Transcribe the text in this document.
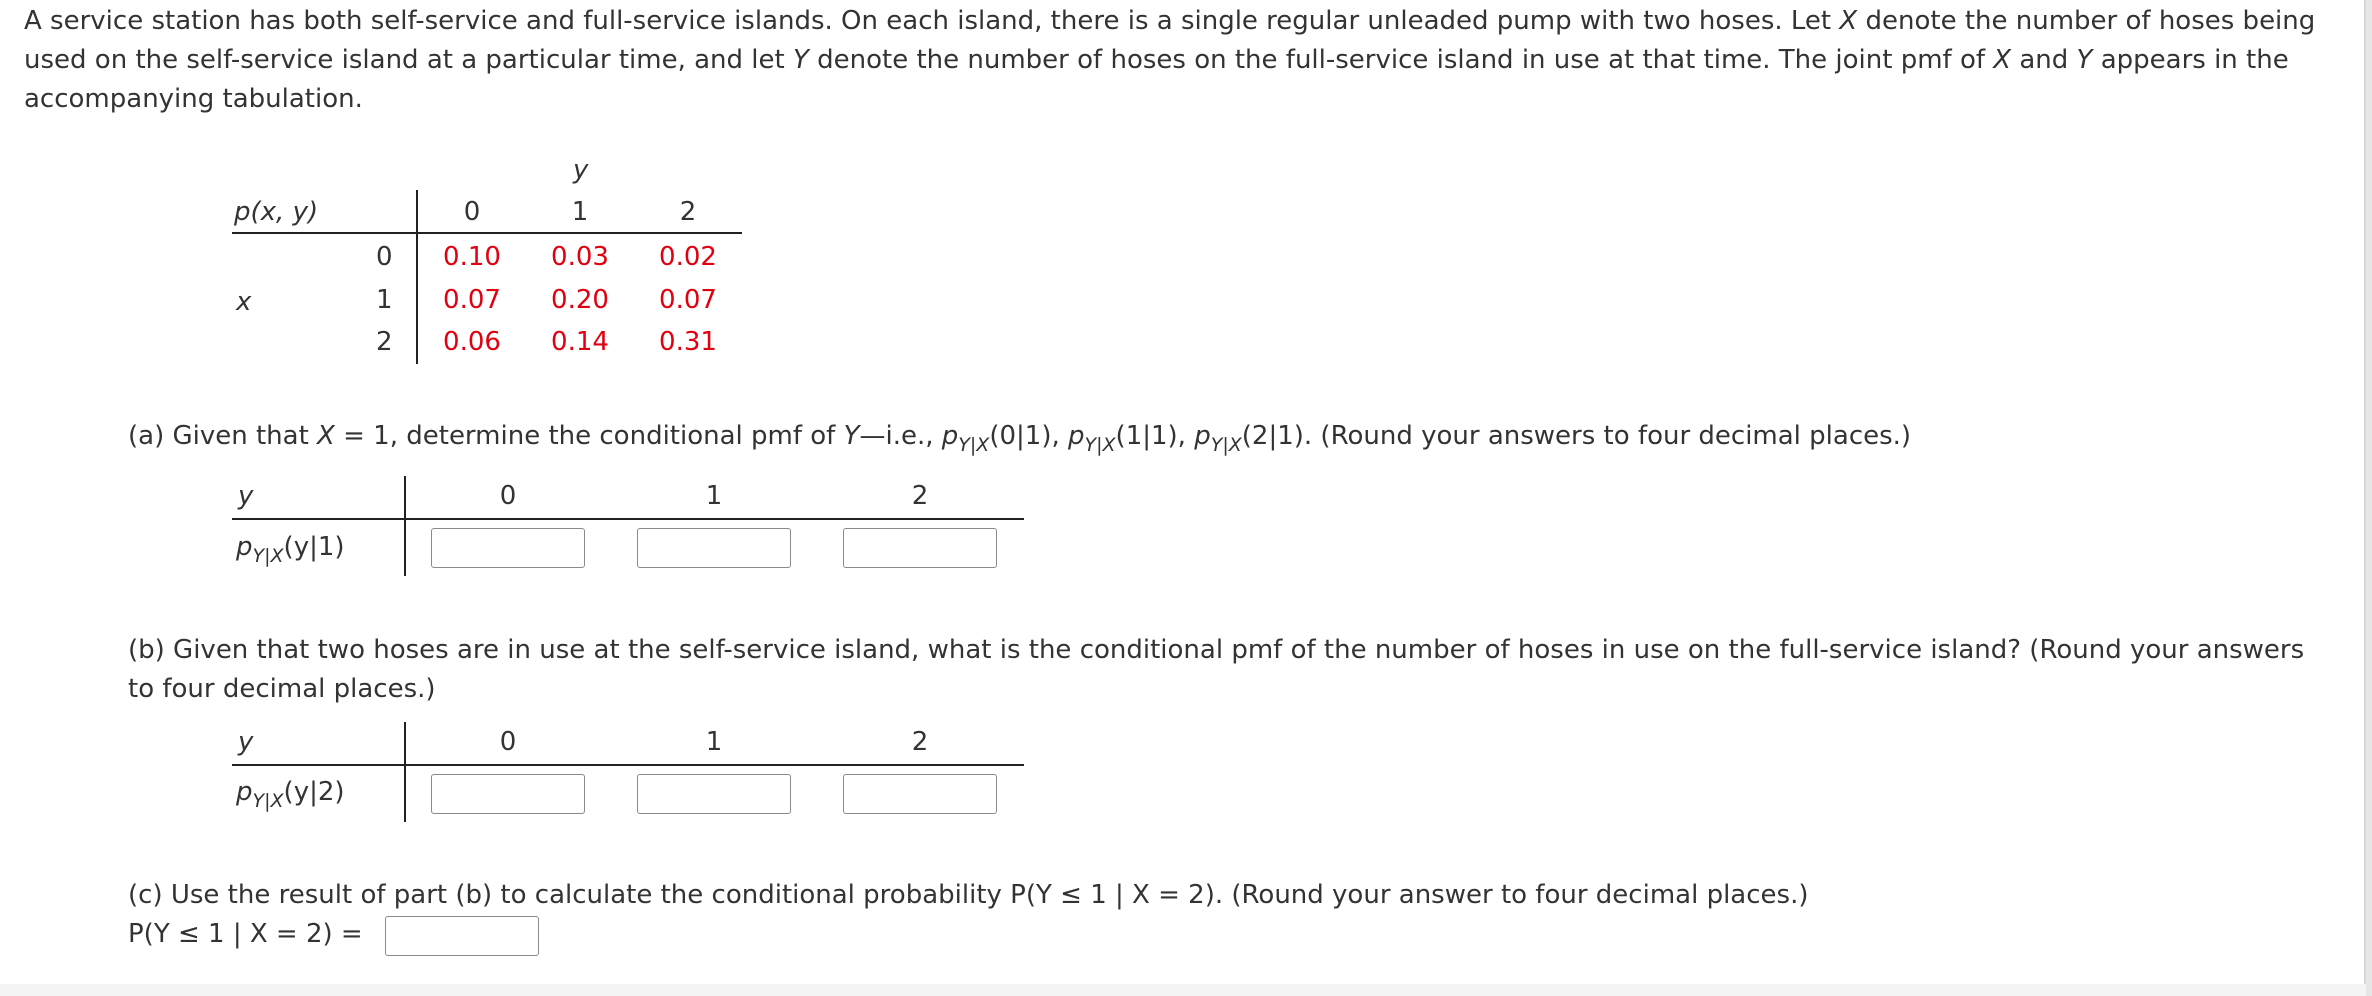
A service station has both self-service and full-service islands. On each island, there is a single regular unleaded pump with two hoses. Let X denote the number of hoses being used on the self-service island at a particular time, and let Y denote the number of hoses on the full-service island in use at that time. The joint pmf of X and Y appears in the accompanying tabulation.

y
p(x, y)	0	1	2
x
0	0.10	0.03	0.02
1	0.07	0.20	0.07
2	0.06	0.14	0.31

(a) Given that X = 1, determine the conditional pmf of Y—i.e., $p_{Y|X}(0|1)$, $p_{Y|X}(1|1)$, $p_{Y|X}(2|1)$. (Round your answers to four decimal places.)

y	0	1	2
$p_{Y|X}(y|1)$

(b) Given that two hoses are in use at the self-service island, what is the conditional pmf of the number of hoses in use on the full-service island? (Round your answers to four decimal places.)

y	0	1	2
$p_{Y|X}(y|2)$

(c) Use the result of part (b) to calculate the conditional probability P(Y ≤ 1 | X = 2). (Round your answer to four decimal places.)

P(Y ≤ 1 | X = 2) =
